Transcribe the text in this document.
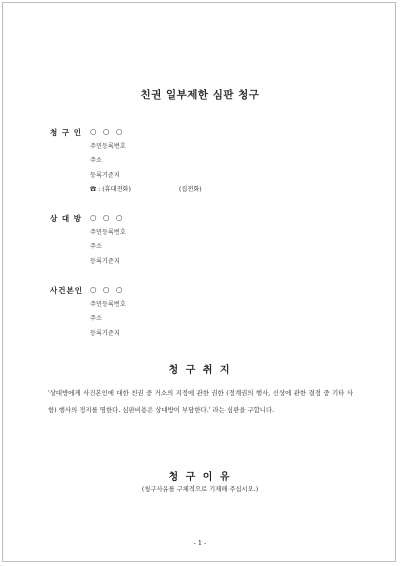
친권 일부제한 심판 청구
청 구 인	○ ○ ○
주민등록번호
주소
등록기준지
☎ : (휴대전화)	(집전화)
상 대 방	○ ○ ○
주민등록번호
주소
등록기준지
사건본인 ○ ○ ○
주민등록번호
주소
등록기준지
청 구 취 지
'상대방에게 사건본인에 대한 친권 중 거소의 지정에 관한 권한 (정계권의 행사, 신상에 관한 결정 중 기타 사항) 행사의 정지를 명한다. 심판비용은 상대방이 부담한다.' 라는 심판을 구합니다.
청 구 이 유
(청구사유를 구체적으로 기재해 주십시오.)
- 1 -
